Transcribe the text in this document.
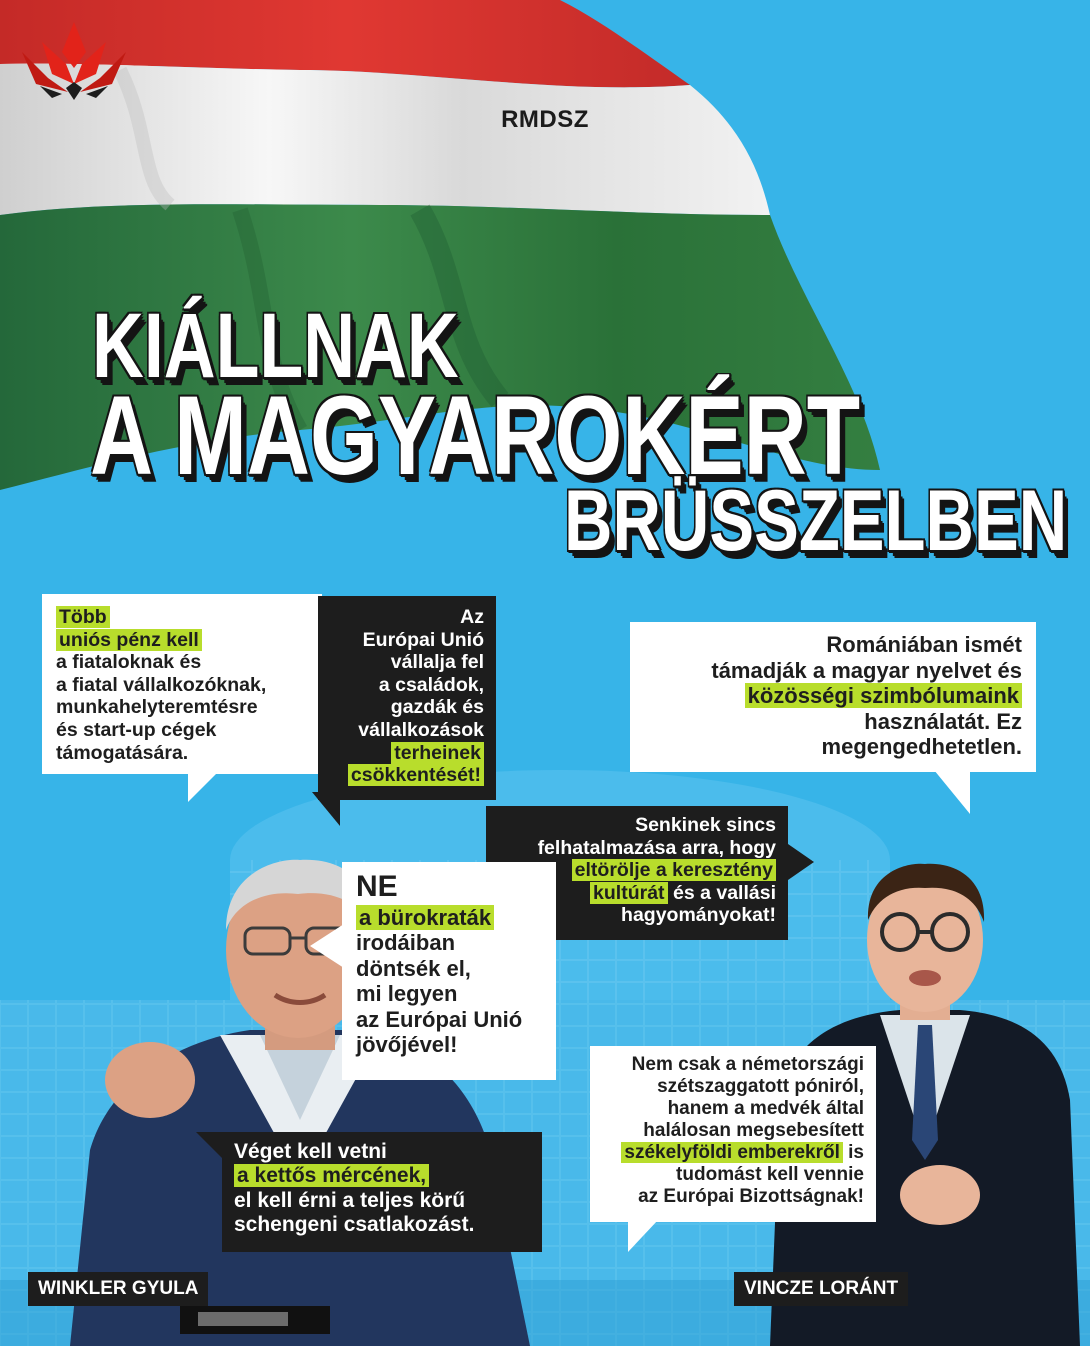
RMDSZ
KIÁLLNAK
A MAGYAROKÉRT
BRÜSSZELBEN
Több
uniós pénz kell
a fiataloknak és
a fiatal vállalkozóknak,
munkahelyteremtésre
és start-up cégek
támogatására.
Az
Európai Unió
vállalja fel
a családok,
gazdák és
vállalkozások
terheinek
csökkentését!
Romániában ismét
támadják a magyar nyelvet és
közösségi szimbólumaink
használatát. Ez
megengedhetetlen.
Senkinek sincs
felhatalmazása arra, hogy
eltörölje a keresztény
kultúrát és a vallási
hagyományokat!
NE
a bürokraták
irodáiban
döntsék el,
mi legyen
az Európai Unió
jövőjével!
Véget kell vetni
a kettős mércének,
el kell érni a teljes körű
schengeni csatlakozást.
Nem csak a németországi
szétszaggatott póniról,
hanem a medvék által
halálosan megsebesített
székelyföldi emberekről is
tudomást kell vennie
az Európai Bizottságnak!
WINKLER GYULA	VINCZE LORÁNT
